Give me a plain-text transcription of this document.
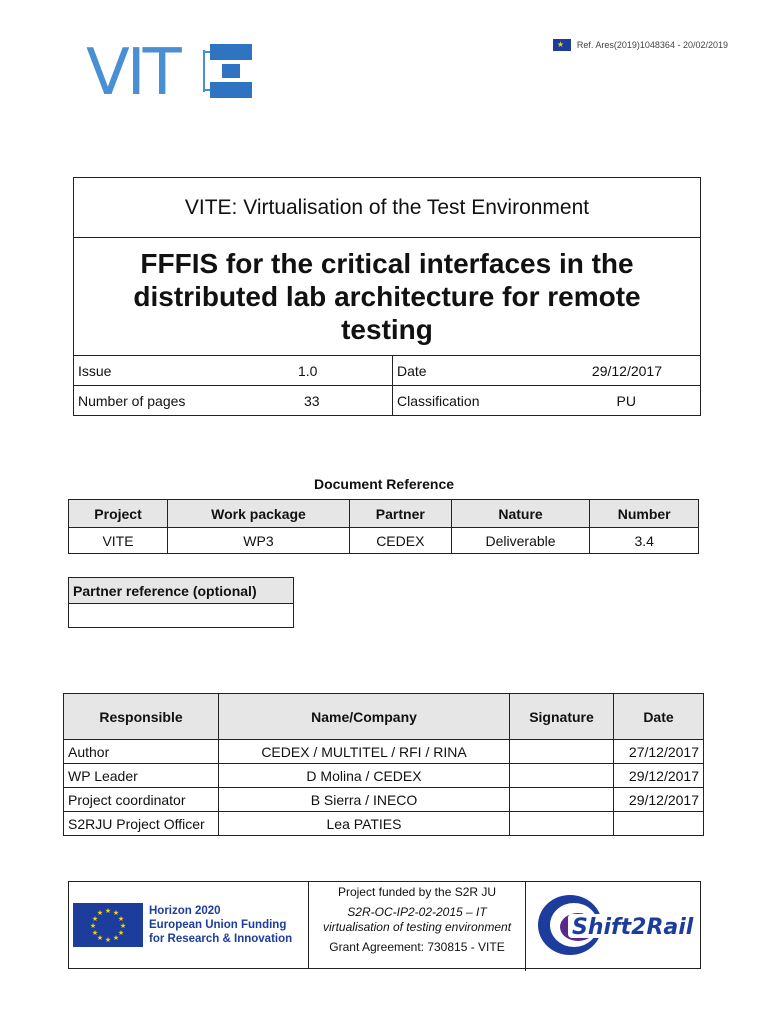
VIT	★ Ref. Ares(2019)1048364 - 20/02/2019
VITE: Virtualisation of the Test Environment
FFFIS for the critical interfaces in the
distributed lab architecture for remote
testing
Issue	1.0	Date	29/12/2017
Number of pages	33	Classification	PU
Document Reference
Project	Work package	Partner	Nature	Number
VITE	WP3	CEDEX	Deliverable	3.4
Partner reference (optional)

Responsible	Name/Company	Signature	Date
Author	CEDEX / MULTITEL / RFI / RINA		27/12/2017
WP Leader	D Molina / CEDEX		29/12/2017
Project coordinator	B Sierra / INECO		29/12/2017
S2RJU Project Officer	Lea PATIES		
★ ★
★
★
★
★
★
★
★
★
★
★	Horizon 2020
European Union Funding
for Research & Innovation
Project funded by the S2R JU
S2R-OC-IP2-02-2015 – IT
virtualisation of testing environment
Grant Agreement: 730815 - VITE
Shift2Rail
